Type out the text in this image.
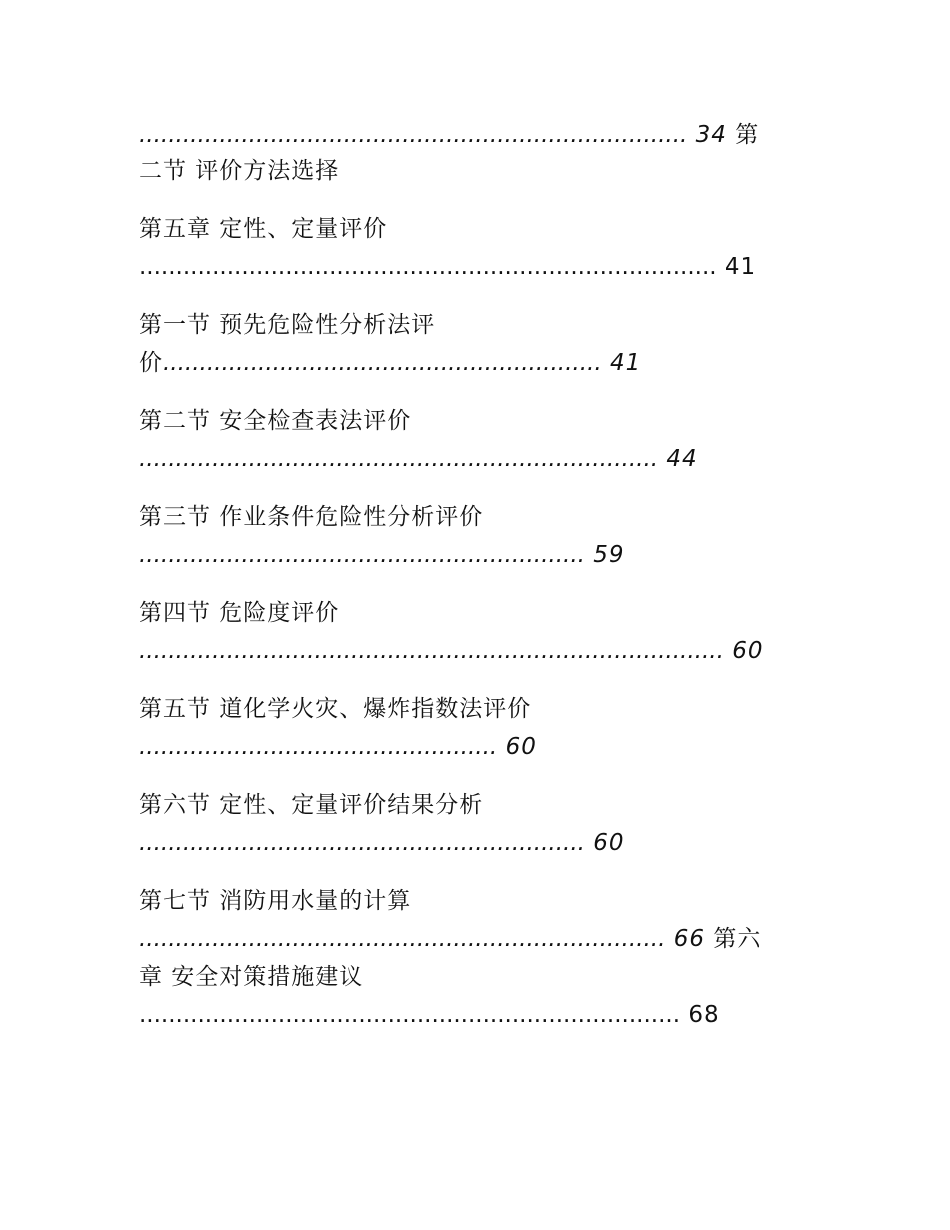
........................................................................... 34 第
二节 评价方法选择
第五章 定性、定量评价
............................................................................... 41
第一节 预先危险性分析法评
价............................................................ 41
第二节 安全检查表法评价
....................................................................... 44
第三节 作业条件危险性分析评价
............................................................. 59
第四节 危险度评价
................................................................................ 60
第五节 道化学火灾、爆炸指数法评价
................................................. 60
第六节 定性、定量评价结果分析
............................................................. 60
第七节 消防用水量的计算
........................................................................ 66 第六
章 安全对策措施建议
.......................................................................... 68
